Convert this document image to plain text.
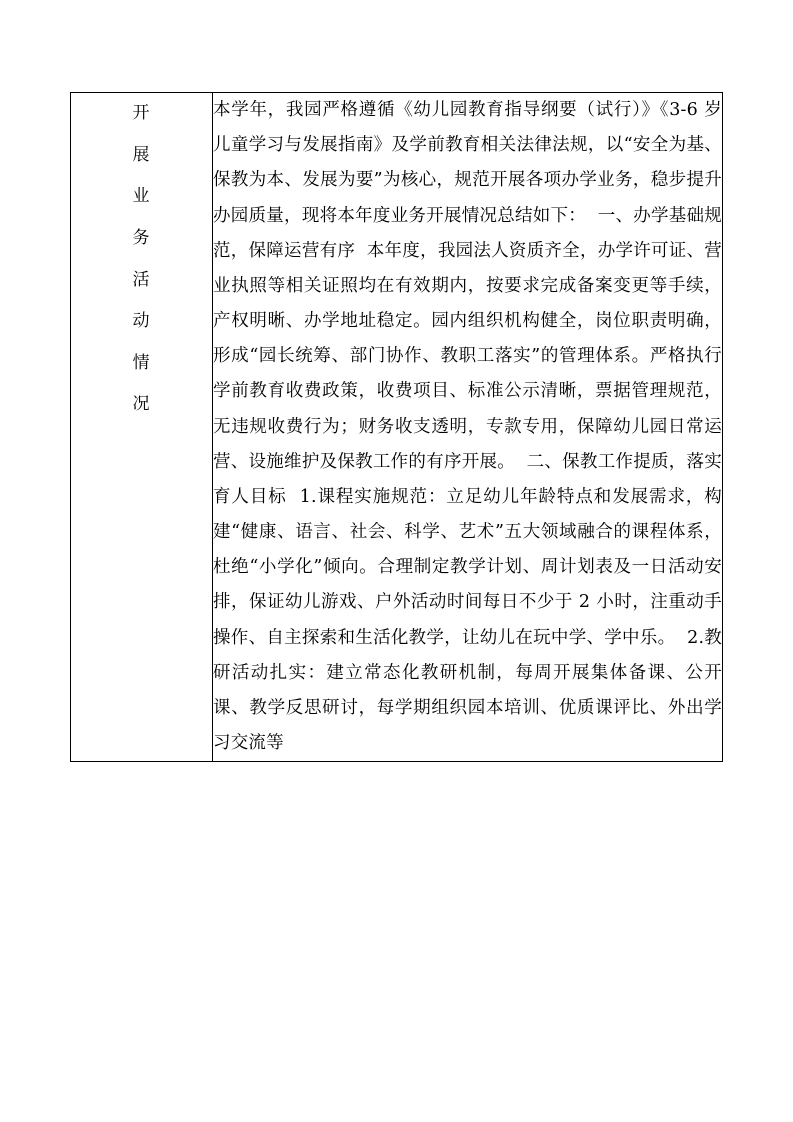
开展业务活动情况

本学年，我园严格遵循《幼儿园教育指导纲要（试行）》《3-6 岁儿童学习与发展指南》及学前教育相关法律法规，以“安全为基、保教为本、发展为要”为核心，规范开展各项办学业务，稳步提升办园质量，现将本年度业务开展情况总结如下：  一、办学基础规范，保障运营有序  本年度，我园法人资质齐全，办学许可证、营业执照等相关证照均在有效期内，按要求完成备案变更等手续，产权明晰、办学地址稳定。园内组织机构健全，岗位职责明确，形成“园长统筹、部门协作、教职工落实”的管理体系。严格执行学前教育收费政策，收费项目、标准公示清晰，票据管理规范，无违规收费行为；财务收支透明，专款专用，保障幼儿园日常运营、设施维护及保教工作的有序开展。  二、保教工作提质，落实育人目标  1.课程实施规范：立足幼儿年龄特点和发展需求，构建“健康、语言、社会、科学、艺术”五大领域融合的课程体系，杜绝“小学化”倾向。合理制定教学计划、周计划表及一日活动安排，保证幼儿游戏、户外活动时间每日不少于 2 小时，注重动手操作、自主探索和生活化教学，让幼儿在玩中学、学中乐。  2.教研活动扎实：建立常态化教研机制，每周开展集体备课、公开课、教学反思研讨，每学期组织园本培训、优质课评比、外出学习交流等
